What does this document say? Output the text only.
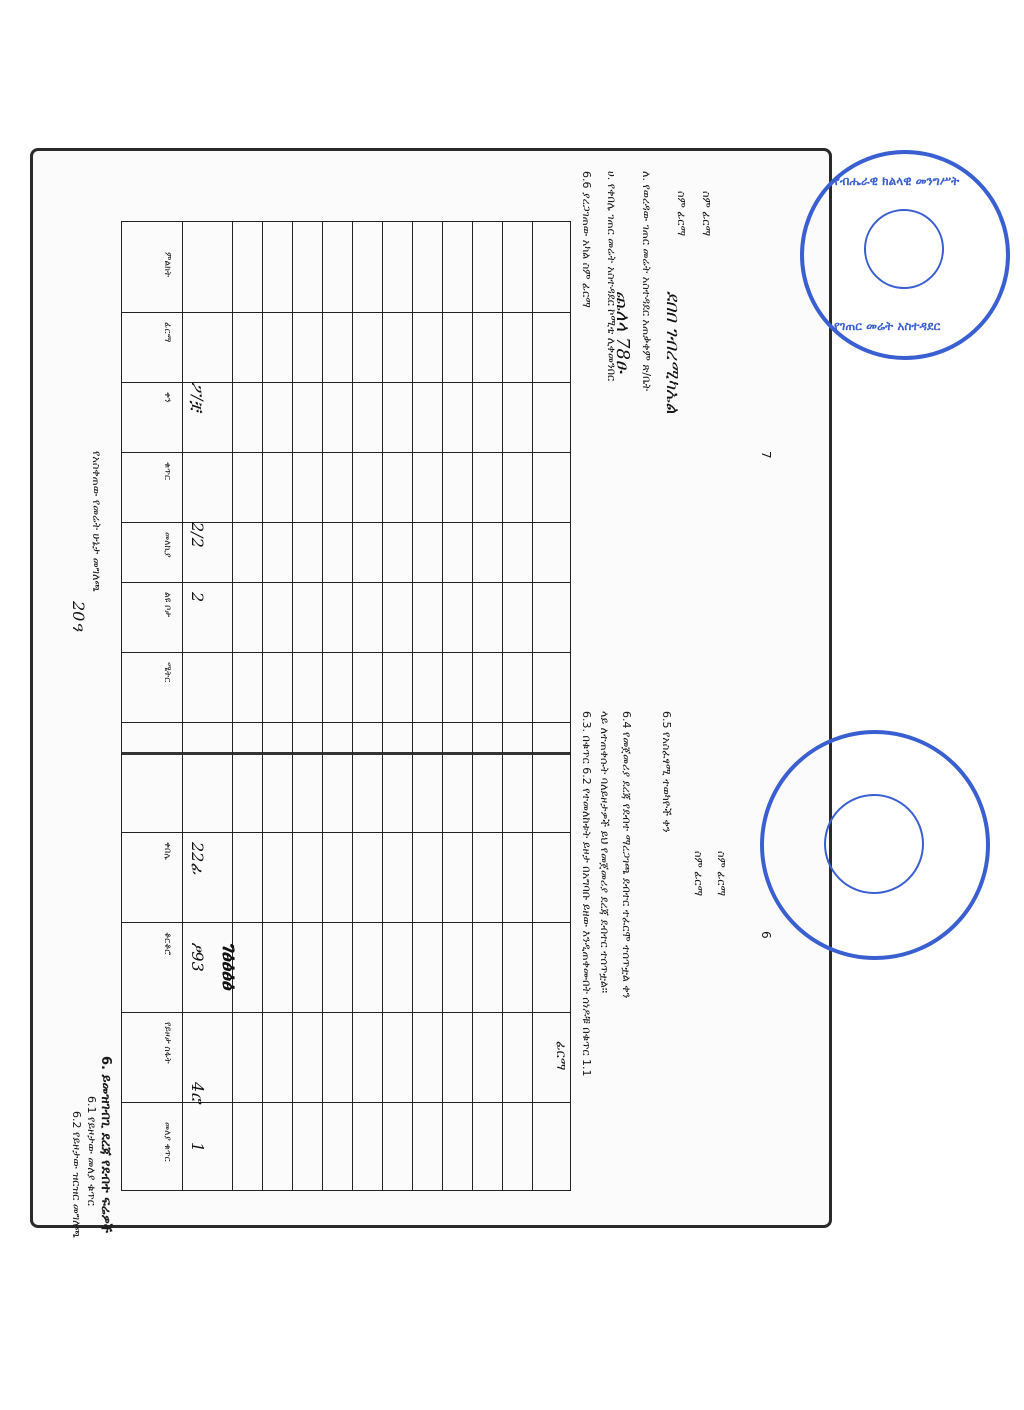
6. ይመዝገብጊ ደረጃ የደብተ ፍሬዎች
6.1 የይዞታው መለያ ቁጥር
6.2 የይዞታው ዝርዝር መግለጫ
የአስቀጠው የመሬት ሁኔታ መግለጫ
20ዓ
ምልክት
ፊርማ
ቀን
ቁጥር
መለኪያ
ልዩ ቦታ
ሜትር
ቀበሌ
ቆርቆሮ
የይዞታ ስፋት
መለያ ቁጥር 1
4ሮ
ፆ93
22ፊ
2
2/2
ፖ/ቿ
ገፅፅፅፅ
ፊርማ 6.3. በቁጥር 6.2 የተመለከቱት ይዞታ በአግባቡ ይዘው እንዲጠቀሙበት ሰነዶቹ በቁጥር 1.1 ላይ ለተጠቀሱት ባለይዞታዎች ይህ የመጀመሪያ ደረጃ ደብተር ተሰጥቷል። 6.4 የመጀመሪያ ደረጃ የደብተ ማረጋገጫ ደብተር ተፈርሞ ተሰጥቷል ቀን 6.5 የአስፈፃሚ ተወካዮች ቀን
ስም ፊርማ ስም ፊርማ
6.6 ያረጋገጠው አካል ስም ፊርማ ሀ. የቀበሌ ገጠር መሬት አስተዳደር ኮሚቴ ሊቀመንበር ለ. የወረዳው ገጠር መሬት አስተዳደር አጠቃቀም ጽ/ቤት ስም ፊርማ ስም ፊርማ
ጨለላ 78ፁ ደበበ ገብረሚካኤል
6
7
የብሔራዊ ክልላዊ መንግሥት
የገጠር መሬት አስተዳደር
